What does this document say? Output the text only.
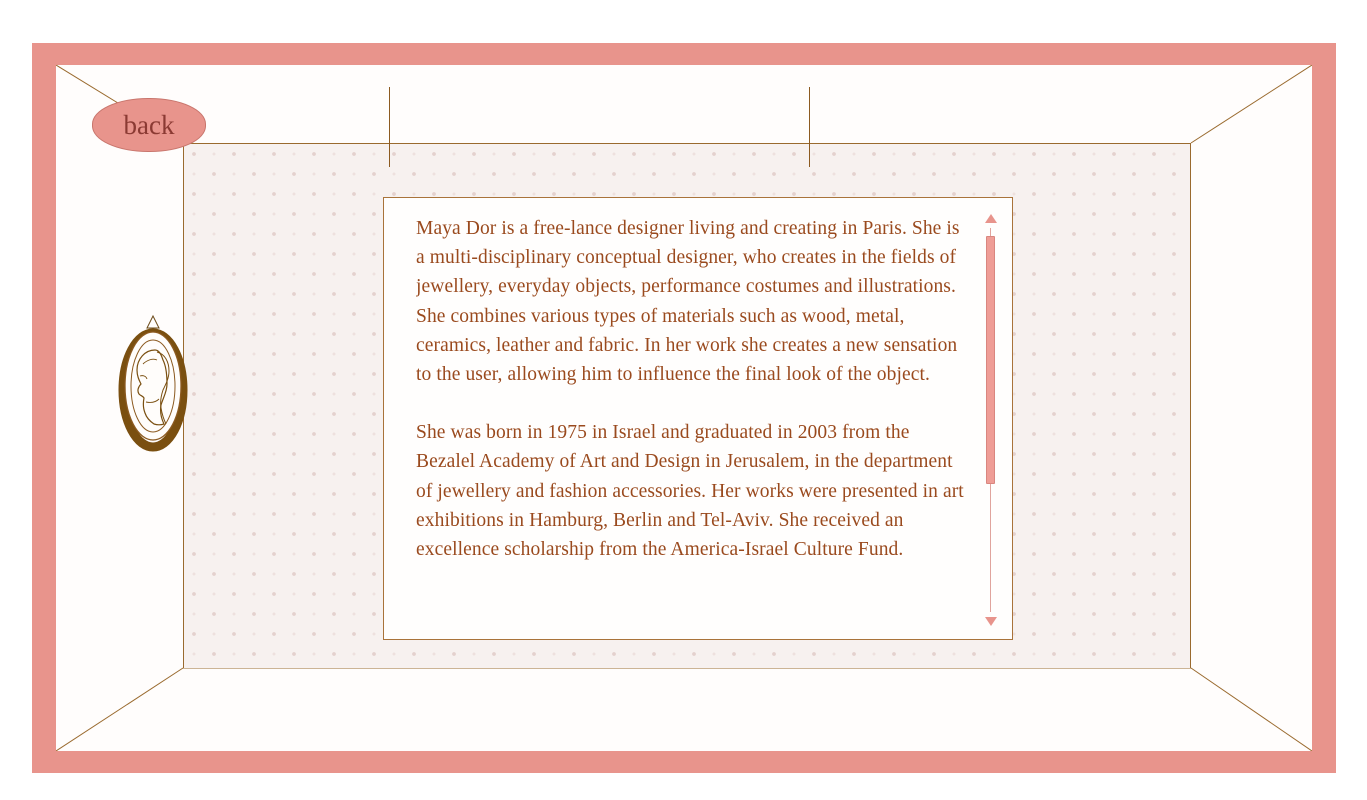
Maya Dor is a free-lance designer living and creating in Paris. She is a multi-disciplinary conceptual designer, who creates in the fields of jewellery, everyday objects, performance costumes and illustrations. She combines various types of materials such as wood, metal, ceramics, leather and fabric. In her work she creates a new sensation to the user, allowing him to influence the final look of the object.

She was born in 1975 in Israel and graduated in 2003 from the Bezalel Academy of Art and Design in Jerusalem, in the department of jewellery and fashion accessories. Her works were presented in art exhibitions in Hamburg, Berlin and Tel-Aviv. She received an excellence scholarship from the America-Israel Culture Fund.

back
